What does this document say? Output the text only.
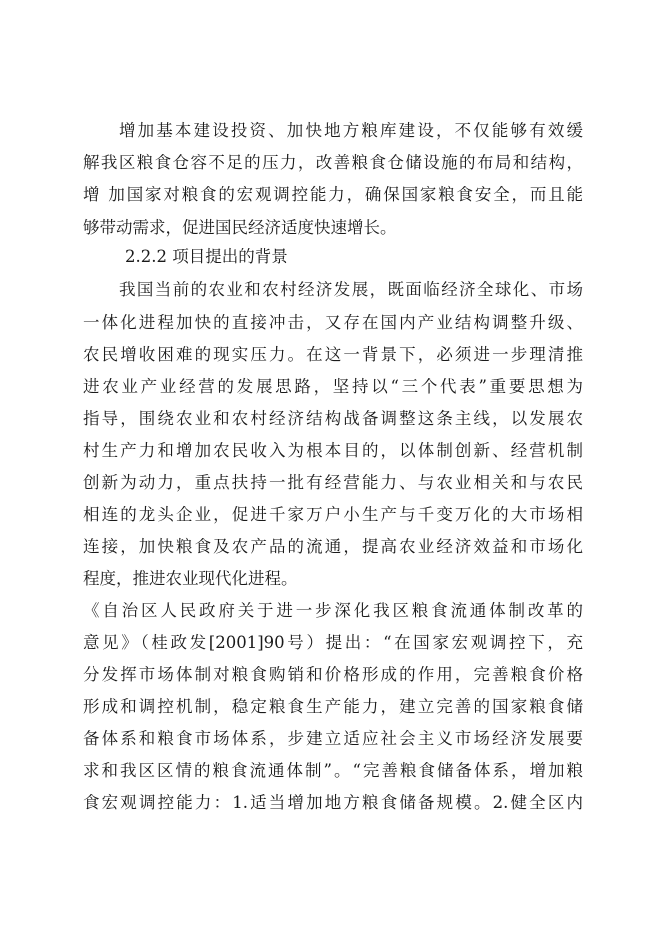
增加基本建设投资、加快地方粮库建设，不仅能够有效缓
解我区粮食仓容不足的压力，改善粮食仓储设施的布局和结构，
增 加国家对粮食的宏观调控能力，确保国家粮食安全，而且能
够带动需求，促进国民经济适度快速增长。
2.2.2 项目提出的背景
我国当前的农业和农村经济发展，既面临经济全球化、市场
一体化进程加快的直接冲击，又存在国内产业结构调整升级、
农民增收困难的现实压力。在这一背景下，必须进一步理清推
进农业产业经营的发展思路，坚持以“三个代表”重要思想为
指导，围绕农业和农村经济结构战备调整这条主线，以发展农
村生产力和增加农民收入为根本目的，以体制创新、经营机制
创新为动力，重点扶持一批有经营能力、与农业相关和与农民
相连的龙头企业，促进千家万户小生产与千变万化的大市场相
连接，加快粮食及农产品的流通，提高农业经济效益和市场化
程度，推进农业现代化进程。
《自治区人民政府关于进一步深化我区粮食流通体制改革的
意见》（桂政发[2001]90号）提出：“在国家宏观调控下，充
分发挥市场体制对粮食购销和价格形成的作用，完善粮食价格
形成和调控机制，稳定粮食生产能力，建立完善的国家粮食储
备体系和粮食市场体系，步建立适应社会主义市场经济发展要
求和我区区情的粮食流通体制”。“完善粮食储备体系，增加粮
食宏观调控能力：1.适当增加地方粮食储备规模。2.健全区内
